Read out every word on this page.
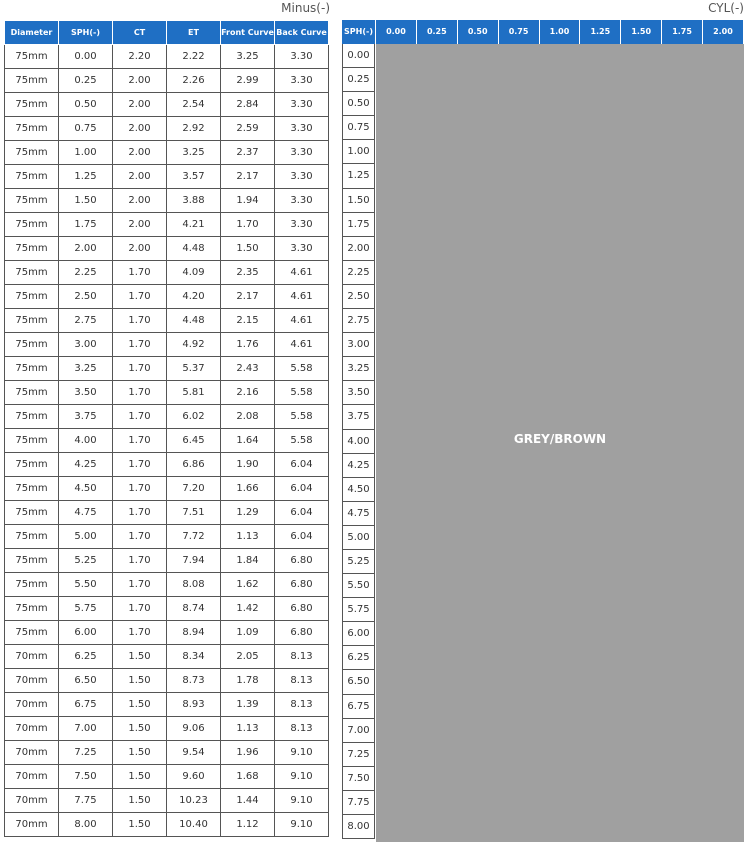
Minus(-)	CYL(-)
Diameter	SPH(-)	CT	ET	Front Curve	Back Curve
75mm	0.00	2.20	2.22	3.25	3.30
75mm	0.25	2.00	2.26	2.99	3.30
75mm	0.50	2.00	2.54	2.84	3.30
75mm	0.75	2.00	2.92	2.59	3.30
75mm	1.00	2.00	3.25	2.37	3.30
75mm	1.25	2.00	3.57	2.17	3.30
75mm	1.50	2.00	3.88	1.94	3.30
75mm	1.75	2.00	4.21	1.70	3.30
75mm	2.00	2.00	4.48	1.50	3.30
75mm	2.25	1.70	4.09	2.35	4.61
75mm	2.50	1.70	4.20	2.17	4.61
75mm	2.75	1.70	4.48	2.15	4.61
75mm	3.00	1.70	4.92	1.76	4.61
75mm	3.25	1.70	5.37	2.43	5.58
75mm	3.50	1.70	5.81	2.16	5.58
75mm	3.75	1.70	6.02	2.08	5.58
75mm	4.00	1.70	6.45	1.64	5.58
75mm	4.25	1.70	6.86	1.90	6.04
75mm	4.50	1.70	7.20	1.66	6.04
75mm	4.75	1.70	7.51	1.29	6.04
75mm	5.00	1.70	7.72	1.13	6.04
75mm	5.25	1.70	7.94	1.84	6.80
75mm	5.50	1.70	8.08	1.62	6.80
75mm	5.75	1.70	8.74	1.42	6.80
75mm	6.00	1.70	8.94	1.09	6.80
70mm	6.25	1.50	8.34	2.05	8.13
70mm	6.50	1.50	8.73	1.78	8.13
70mm	6.75	1.50	8.93	1.39	8.13
70mm	7.00	1.50	9.06	1.13	8.13
70mm	7.25	1.50	9.54	1.96	9.10
70mm	7.50	1.50	9.60	1.68	9.10
70mm	7.75	1.50	10.23	1.44	9.10
70mm	8.00	1.50	10.40	1.12	9.10
SPH(-)	0.00	0.25	0.50	0.75	1.00	1.25	1.50	1.75	2.00
0.00
0.25
0.50
0.75
1.00
1.25
1.50
1.75
2.00
2.25
2.50
2.75
3.00
3.25
3.50
3.75
4.00
4.25
4.50
4.75
5.00
5.25
5.50
5.75
6.00
6.25
6.50
6.75
7.00
7.25
7.50
7.75
8.00
GREY/BROWN
